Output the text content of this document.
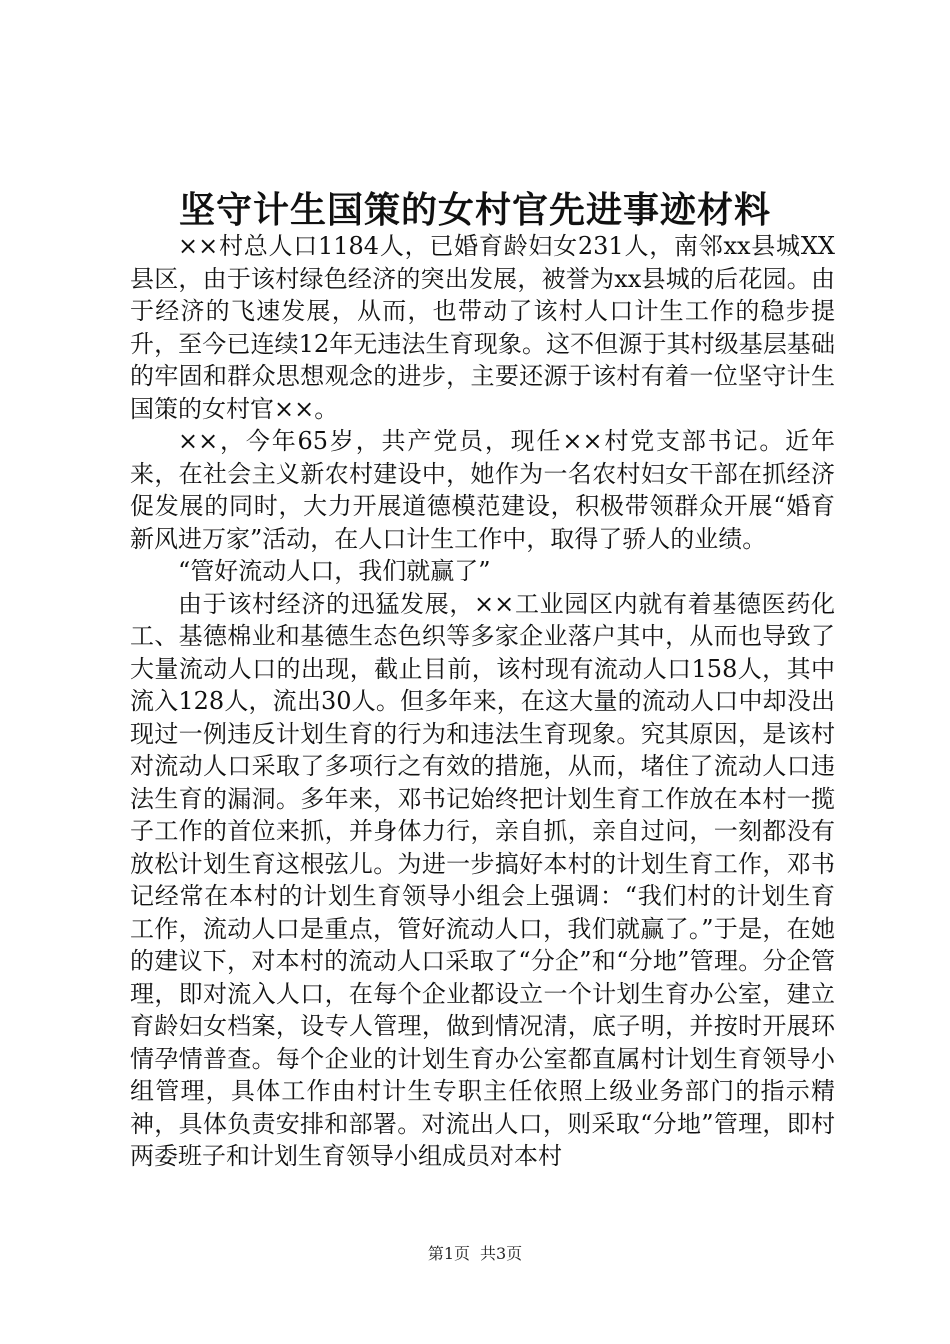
坚守计生国策的女村官先进事迹材料

××村总人口1184人，已婚育龄妇女231人，南邻xx县城XX县区，由于该村绿色经济的突出发展，被誉为xx县城的后花园。由于经济的飞速发展，从而，也带动了该村人口计生工作的稳步提升，至今已连续12年无违法生育现象。这不但源于其村级基层基础的牢固和群众思想观念的进步，主要还源于该村有着一位坚守计生国策的女村官××。

××，今年65岁，共产党员，现任××村党支部书记。近年来，在社会主义新农村建设中，她作为一名农村妇女干部在抓经济促发展的同时，大力开展道德模范建设，积极带领群众开展“婚育新风进万家”活动，在人口计生工作中，取得了骄人的业绩。

“管好流动人口，我们就赢了”

由于该村经济的迅猛发展，××工业园区内就有着基德医药化工、基德棉业和基德生态色织等多家企业落户其中，从而也导致了大量流动人口的出现，截止目前，该村现有流动人口158人，其中流入128人，流出30人。但多年来，在这大量的流动人口中却没出现过一例违反计划生育的行为和违法生育现象。究其原因，是该村对流动人口采取了多项行之有效的措施，从而，堵住了流动人口违法生育的漏洞。多年来，邓书记始终把计划生育工作放在本村一揽子工作的首位来抓，并身体力行，亲自抓，亲自过问，一刻都没有放松计划生育这根弦儿。为进一步搞好本村的计划生育工作，邓书记经常在本村的计划生育领导小组会上强调：“我们村的计划生育工作，流动人口是重点，管好流动人口，我们就赢了。”于是，在她的建议下，对本村的流动人口采取了“分企”和“分地”管理。分企管理，即对流入人口，在每个企业都设立一个计划生育办公室，建立育龄妇女档案，设专人管理，做到情况清，底子明，并按时开展环情孕情普查。每个企业的计划生育办公室都直属村计划生育领导小组管理，具体工作由村计生专职主任依照上级业务部门的指示精神，具体负责安排和部署。对流出人口，则采取“分地”管理，即村两委班子和计划生育领导小组成员对本村

第1页 共3页
